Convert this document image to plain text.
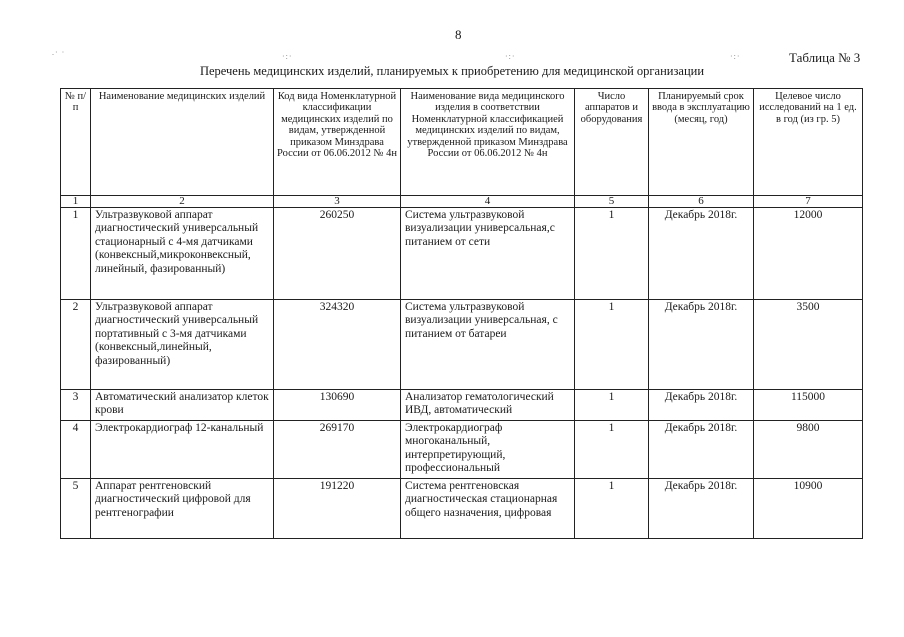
8
Таблица № 3
Перечень медицинских изделий, планируемых к приобретению для медицинской организации
.· ·	·:·	·:·	·:·
№ п/п	Наименование медицинских изделий	Код вида Номенклатурной классификации медицинских изделий по видам, утвержденной приказом Минздрава России от 06.06.2012 № 4н	Наименование вида медицинского изделия в соответствии Номенклатурной классификацией медицинских изделий по видам, утвержденной приказом Минздрава России от 06.06.2012 № 4н	Число аппаратов и оборудования	Планируемый срок ввода в эксплуатацию (месяц, год)	Целевое число исследований на 1 ед. в год (из гр. 5)
1	2	3	4	5	6	7
1	Ультразвуковой аппарат диагностический универсальный стационарный с 4-мя датчиками (конвексный,микроконвексный, линейный, фазированный)	260250	Система ультразвуковой визуализации универсальная,с питанием от сети	1	Декабрь 2018г.	12000
2	Ультразвуковой аппарат диагностический универсальный портативный с 3-мя датчиками (конвексный,линейный, фазированный)	324320	Система ультразвуковой визуализации универсальная, с питанием от батареи	1	Декабрь 2018г.	3500
3	Автоматический анализатор клеток крови	130690	Анализатор гематологический ИВД, автоматический	1	Декабрь 2018г.	115000
4	Электрокардиограф 12-канальный	269170	Электрокардиограф многоканальный, интерпретирующий, профессиональный	1	Декабрь 2018г.	9800
5	Аппарат рентгеновский диагностический цифровой для рентгенографии	191220	Система рентгеновская диагностическая стационарная общего назначения, цифровая	1	Декабрь 2018г.	10900
